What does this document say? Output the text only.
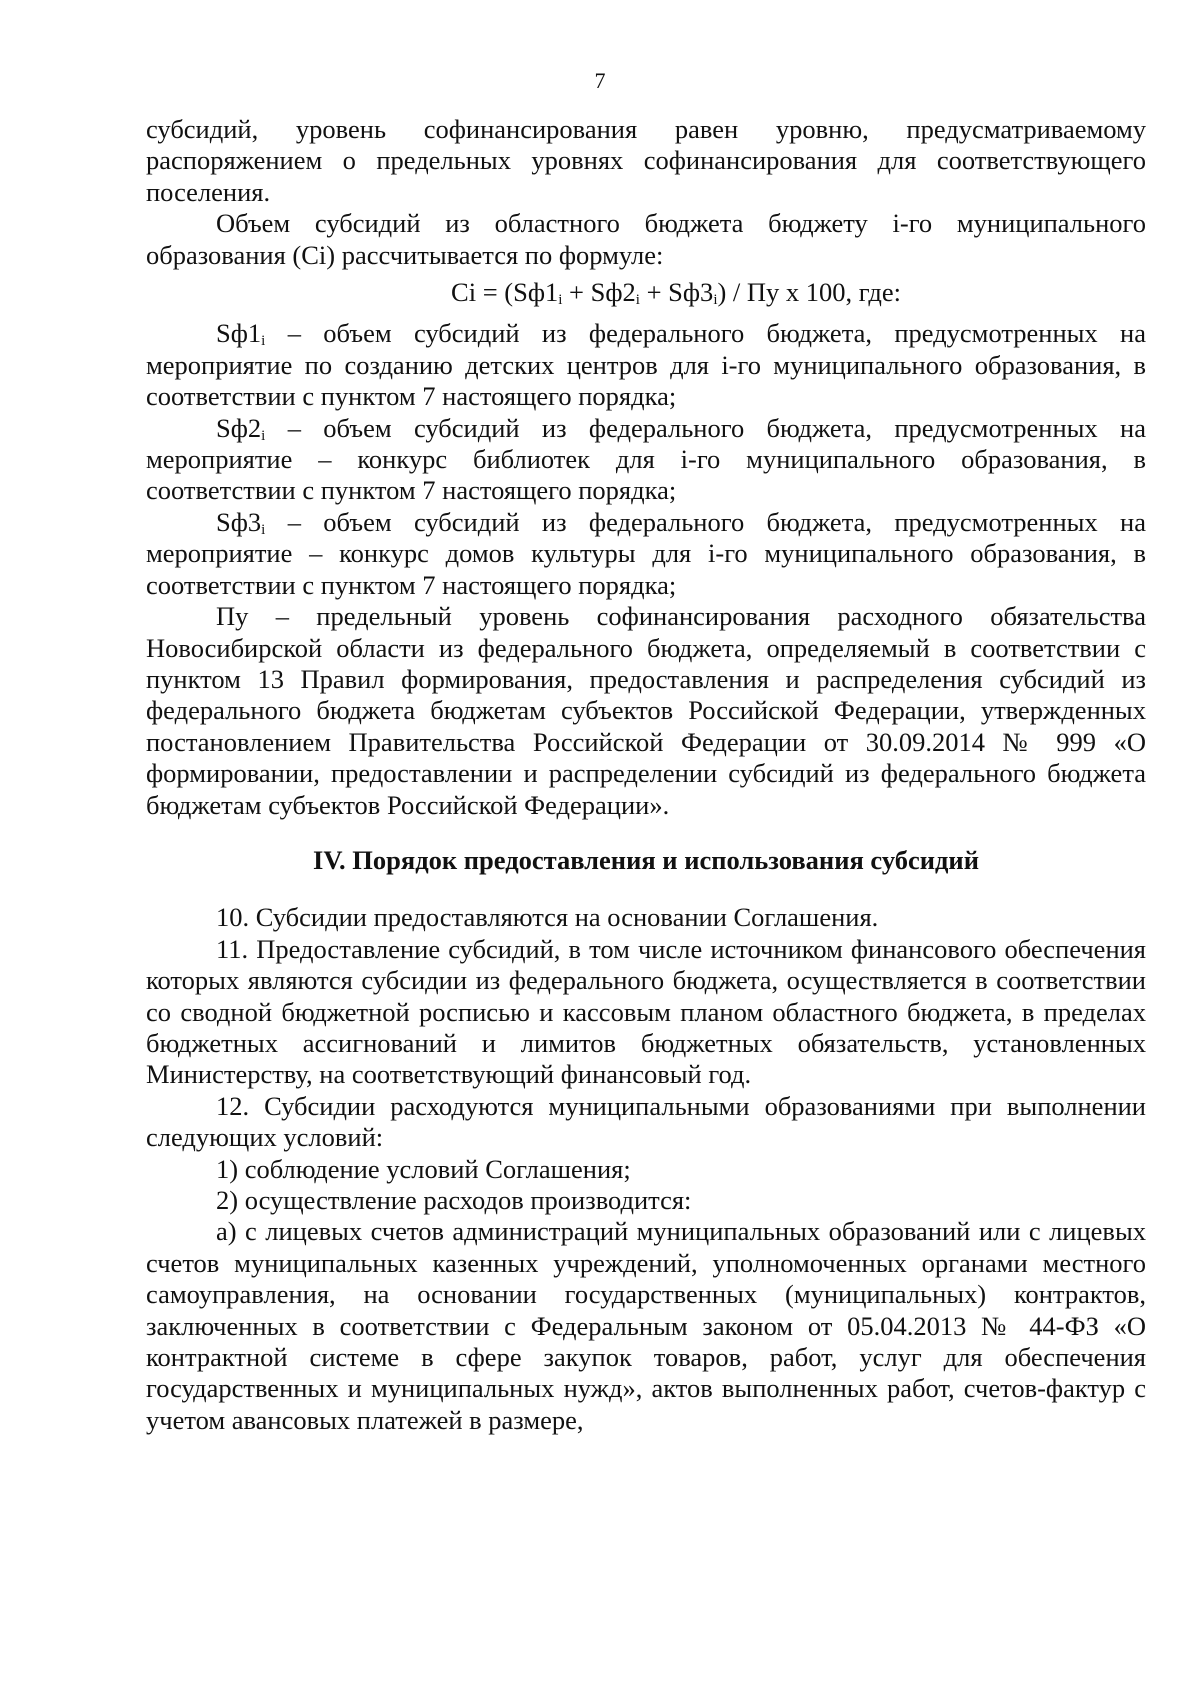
7

субсидий, уровень софинансирования равен уровню, предусматриваемому распоряжением о предельных уровнях софинансирования для соответствующего поселения.

Объем субсидий из областного бюджета бюджету i-го муниципального образования (Ci) рассчитывается по формуле:

$Ci = (Sф1_i + Sф2_i + Sф3_i)$ / Пу х 100, где:

$Sф1_i$ – объем субсидий из федерального бюджета, предусмотренных на мероприятие по созданию детских центров для i-го муниципального образования, в соответствии с пунктом 7 настоящего порядка;

$Sф2_i$ – объем субсидий из федерального бюджета, предусмотренных на мероприятие – конкурс библиотек для i-го муниципального образования, в соответствии с пунктом 7 настоящего порядка;

$Sф3_i$ – объем субсидий из федерального бюджета, предусмотренных на мероприятие – конкурс домов культуры для i-го муниципального образования, в соответствии с пунктом 7 настоящего порядка;

Пу – предельный уровень софинансирования расходного обязательства Новосибирской области из федерального бюджета, определяемый в соответствии с пунктом 13 Правил формирования, предоставления и распределения субсидий из федерального бюджета бюджетам субъектов Российской Федерации, утвержденных постановлением Правительства Российской Федерации от 30.09.2014 № 999 «О формировании, предоставлении и распределении субсидий из федерального бюджета бюджетам субъектов Российской Федерации».

IV. Порядок предоставления и использования субсидий

10. Субсидии предоставляются на основании Соглашения.

11. Предоставление субсидий, в том числе источником финансового обеспечения которых являются субсидии из федерального бюджета, осуществляется в соответствии со сводной бюджетной росписью и кассовым планом областного бюджета, в пределах бюджетных ассигнований и лимитов бюджетных обязательств, установленных Министерству, на соответствующий финансовый год.

12. Субсидии расходуются муниципальными образованиями при выполнении следующих условий:

1) соблюдение условий Соглашения;

2) осуществление расходов производится:

а) с лицевых счетов администраций муниципальных образований или с лицевых счетов муниципальных казенных учреждений, уполномоченных органами местного самоуправления, на основании государственных (муниципальных) контрактов, заключенных в соответствии с Федеральным законом от 05.04.2013 № 44-ФЗ «О контрактной системе в сфере закупок товаров, работ, услуг для обеспечения государственных и муниципальных нужд», актов выполненных работ, счетов-фактур с учетом авансовых платежей в размере,
